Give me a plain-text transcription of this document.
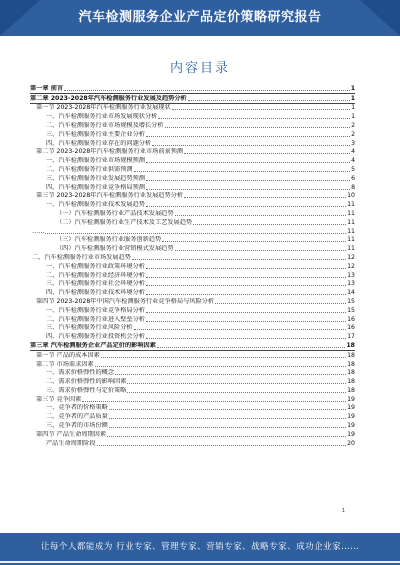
汽车检测服务企业产品定价策略研究报告
内容目录
第一章 前言	1
第二章 2023-2028年汽车检测服务行业发展及趋势分析	1
第一节 2023-2028年汽车检测服务行业发展现状	1
一、汽车检测服务行业市场发展现状分析	1
二、汽车检测服务行业市场规模及增长分析	2
三、汽车检测服务行业主要企业分析	2
四、汽车检测服务行业存在的问题分析	3
第二节 2023-2028年汽车检测服务行业市场前景预测	4
一、汽车检测服务行业市场规模预测	4
二、汽车检测服务行业供需预测	5
三、汽车检测服务行业发展趋势预测	6
四、汽车检测服务行业竞争格局预测	8
第三节 2023-2028年汽车检测服务行业发展趋势分析	10
一、汽车检测服务行业技术发展趋势	11
（一）汽车检测服务行业产品技术发展趋势	11
（二）汽车检测服务行业生产技术及工艺发展趋势	11
……	11
（三）汽车检测服务行业服务创新趋势	11
（四）汽车检测服务行业营销模式发展趋势	11
二、汽车检测服务行业市场发展趋势	12
一、汽车检测服务行业政策环境分析	12
二、汽车检测服务行业经济环境分析	13
三、汽车检测服务行业社会环境分析	13
四、汽车检测服务行业技术环境分析	14
第四节 2023-2028年中国汽车检测服务行业竞争格局与风险分析	15
一、汽车检测服务行业竞争格局分析	15
二、汽车检测服务行业进入壁垒分析	16
三、汽车检测服务行业风险分析	16
四、汽车检测服务行业投资机会分析	17
第三章 汽车检测服务企业产品定价的影响因素	18
第一节 产品的成本因素	18
第二节 市场需求因素	18
一、需求价格弹性的概念	18
二、需求价格弹性的影响因素	18
三、需求价格弹性与定价策略	18
第三节 竞争因素	19
一、竞争者的价格策略	19
二、竞争者的产品质量	19
三、竞争者的市场份额	19
第四节 产品生命周期因素	19
产品生命周期阶段	20
1
让每个人都能成为 行业专家、管理专家、营销专家、战略专家、成功企业家……
